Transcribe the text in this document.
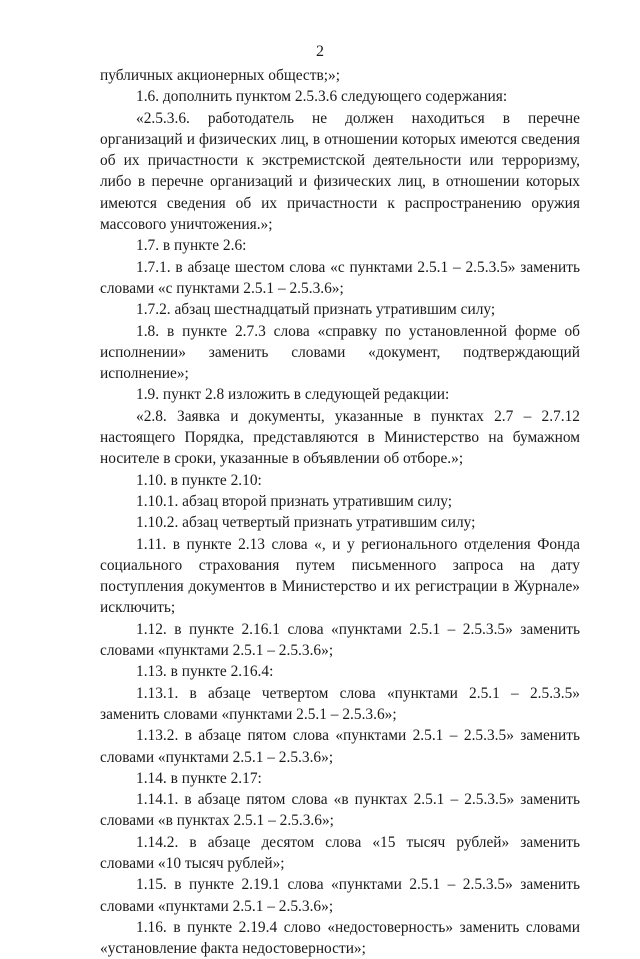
2

публичных акционерных обществ;»;

1.6. дополнить пунктом 2.5.3.6 следующего содержания:

«2.5.3.6. работодатель не должен находиться в перечне организаций и физических лиц, в отношении которых имеются сведения об их причастности к экстремистской деятельности или терроризму, либо в перечне организаций и физических лиц, в отношении которых имеются сведения об их причастности к распространению оружия массового уничтожения.»;

1.7. в пункте 2.6:

1.7.1. в абзаце шестом слова «с пунктами 2.5.1 – 2.5.3.5» заменить словами «с пунктами 2.5.1 – 2.5.3.6»;

1.7.2. абзац шестнадцатый признать утратившим силу;

1.8. в пункте 2.7.3 слова «справку по установленной форме об исполнении» заменить словами «документ, подтверждающий исполнение»;

1.9. пункт 2.8 изложить в следующей редакции:

«2.8. Заявка и документы, указанные в пунктах 2.7 – 2.7.12 настоящего Порядка, представляются в Министерство на бумажном носителе в сроки, указанные в объявлении об отборе.»;

1.10. в пункте 2.10:

1.10.1. абзац второй признать утратившим силу;

1.10.2. абзац четвертый признать утратившим силу;

1.11. в пункте 2.13 слова «, и у регионального отделения Фонда социального страхования путем письменного запроса на дату поступления документов в Министерство и их регистрации в Журнале» исключить;

1.12. в пункте 2.16.1 слова «пунктами 2.5.1 – 2.5.3.5» заменить словами «пунктами 2.5.1 – 2.5.3.6»;

1.13. в пункте 2.16.4:

1.13.1. в абзаце четвертом слова «пунктами 2.5.1 – 2.5.3.5» заменить словами «пунктами 2.5.1 – 2.5.3.6»;

1.13.2. в абзаце пятом слова «пунктами 2.5.1 – 2.5.3.5» заменить словами «пунктами 2.5.1 – 2.5.3.6»;

1.14. в пункте 2.17:

1.14.1. в абзаце пятом слова «в пунктах 2.5.1 – 2.5.3.5» заменить словами «в пунктах 2.5.1 – 2.5.3.6»;

1.14.2. в абзаце десятом слова «15 тысяч рублей» заменить словами «10 тысяч рублей»;

1.15. в пункте 2.19.1 слова «пунктами 2.5.1 – 2.5.3.5» заменить словами «пунктами 2.5.1 – 2.5.3.6»;

1.16. в пункте 2.19.4 слово «недостоверность» заменить словами «установление факта недостоверности»;
